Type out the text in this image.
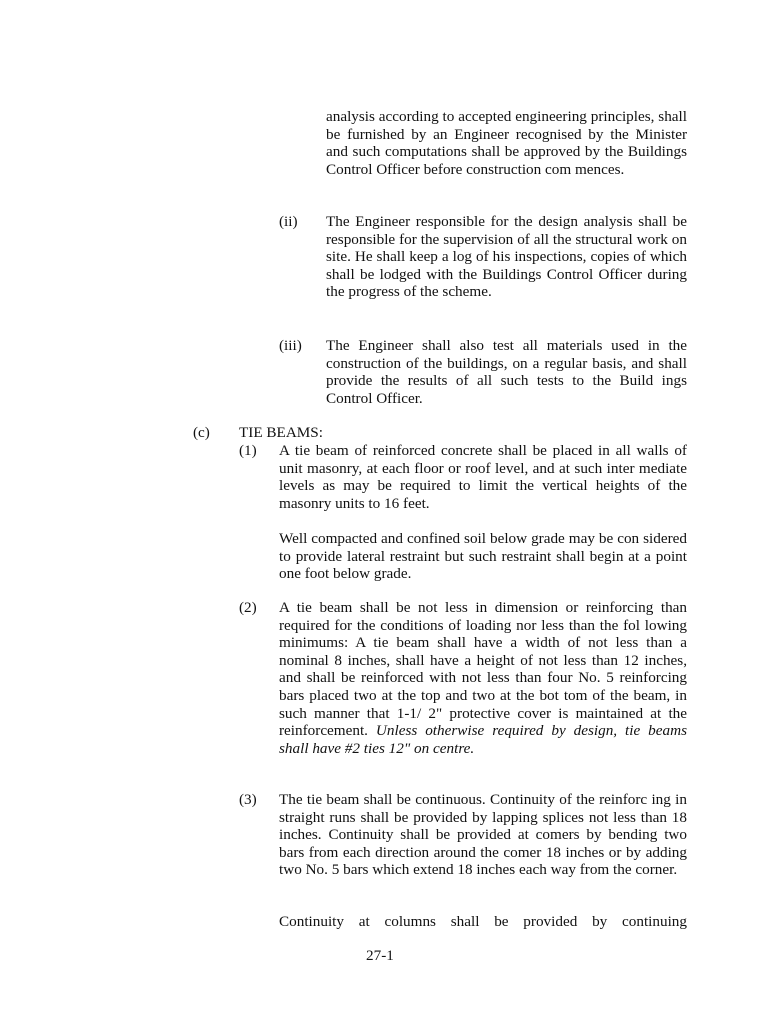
analysis according to accepted engineering principles, shall be furnished by an Engineer recognised by the Minister and such computations shall be approved by the Buildings Control Officer before construction com mences.

(ii) The Engineer responsible for the design analysis shall be responsible for the supervision of all the structural work on site. He shall keep a log of his inspections, copies of which shall be lodged with the Buildings Control Officer during the progress of the scheme.

(iii) The Engineer shall also test all materials used in the construction of the buildings, on a regular basis, and shall provide the results of all such tests to the Build ings Control Officer.

(c) TIE BEAMS:
(1) A tie beam of reinforced concrete shall be placed in all walls of unit masonry, at each floor or roof level, and at such inter mediate levels as may be required to limit the vertical heights of the masonry units to 16 feet.

Well compacted and confined soil below grade may be con sidered to provide lateral restraint but such restraint shall begin at a point one foot below grade.

(2) A tie beam shall be not less in dimension or reinforcing than required for the conditions of loading nor less than the fol lowing minimums: A tie beam shall have a width of not less than a nominal 8 inches, shall have a height of not less than 12 inches, and shall be reinforced with not less than four No. 5 reinforcing bars placed two at the top and two at the bot tom of the beam, in such manner that 1-1/ 2" protective cover is maintained at the reinforcement. Unless otherwise required by design, tie beams shall have #2 ties 12" on centre.

(3) The tie beam shall be continuous. Continuity of the reinforc ing in straight runs shall be provided by lapping splices not less than 18 inches. Continuity shall be provided at comers by bending two bars from each direction around the comer 18 inches or by adding two No. 5 bars which extend 18 inches each way from the corner.

Continuity at columns shall be provided by continuing

27-1
